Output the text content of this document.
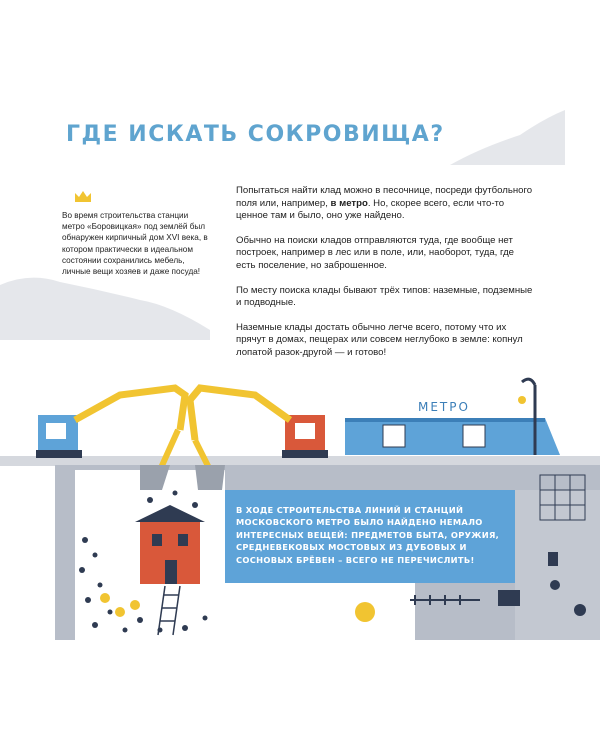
ГДЕ ИСКАТЬ СОКРОВИЩА?
Во время строительства станции метро «Боровицкая» под землёй был обнаружен кирпичный дом XVI века, в котором практически в идеальном состоянии сохранились мебель, личные вещи хозяев и даже посуда!

Попытаться найти клад можно в песочнице, посреди футбольного поля или, например, в метро. Но, скорее всего, если что-то ценное там и было, оно уже найдено.

Обычно на поиски кладов отправляются туда, где вообще нет построек, например в лес или в поле, или, наоборот, туда, где есть поселение, но заброшенное.

По месту поиска клады бывают трёх типов: наземные, подземные и подводные.

Наземные клады достать обычно легче всего, потому что их прячут в домах, пещерах или совсем неглубоко в земле: копнул лопатой разок-другой — и готово!

МЕТРО
В ХОДЕ СТРОИТЕЛЬСТВА ЛИНИЙ И СТАНЦИЙ МОСКОВСКОГО МЕТРО БЫЛО НАЙДЕНО НЕМАЛО ИНТЕРЕСНЫХ ВЕЩЕЙ: ПРЕДМЕТОВ БЫТА, ОРУЖИЯ, СРЕДНЕВЕКОВЫХ МОСТОВЫХ ИЗ ДУБОВЫХ И СОСНОВЫХ БРЁВЕН – ВСЕГО НЕ ПЕРЕЧИСЛИТЬ!
